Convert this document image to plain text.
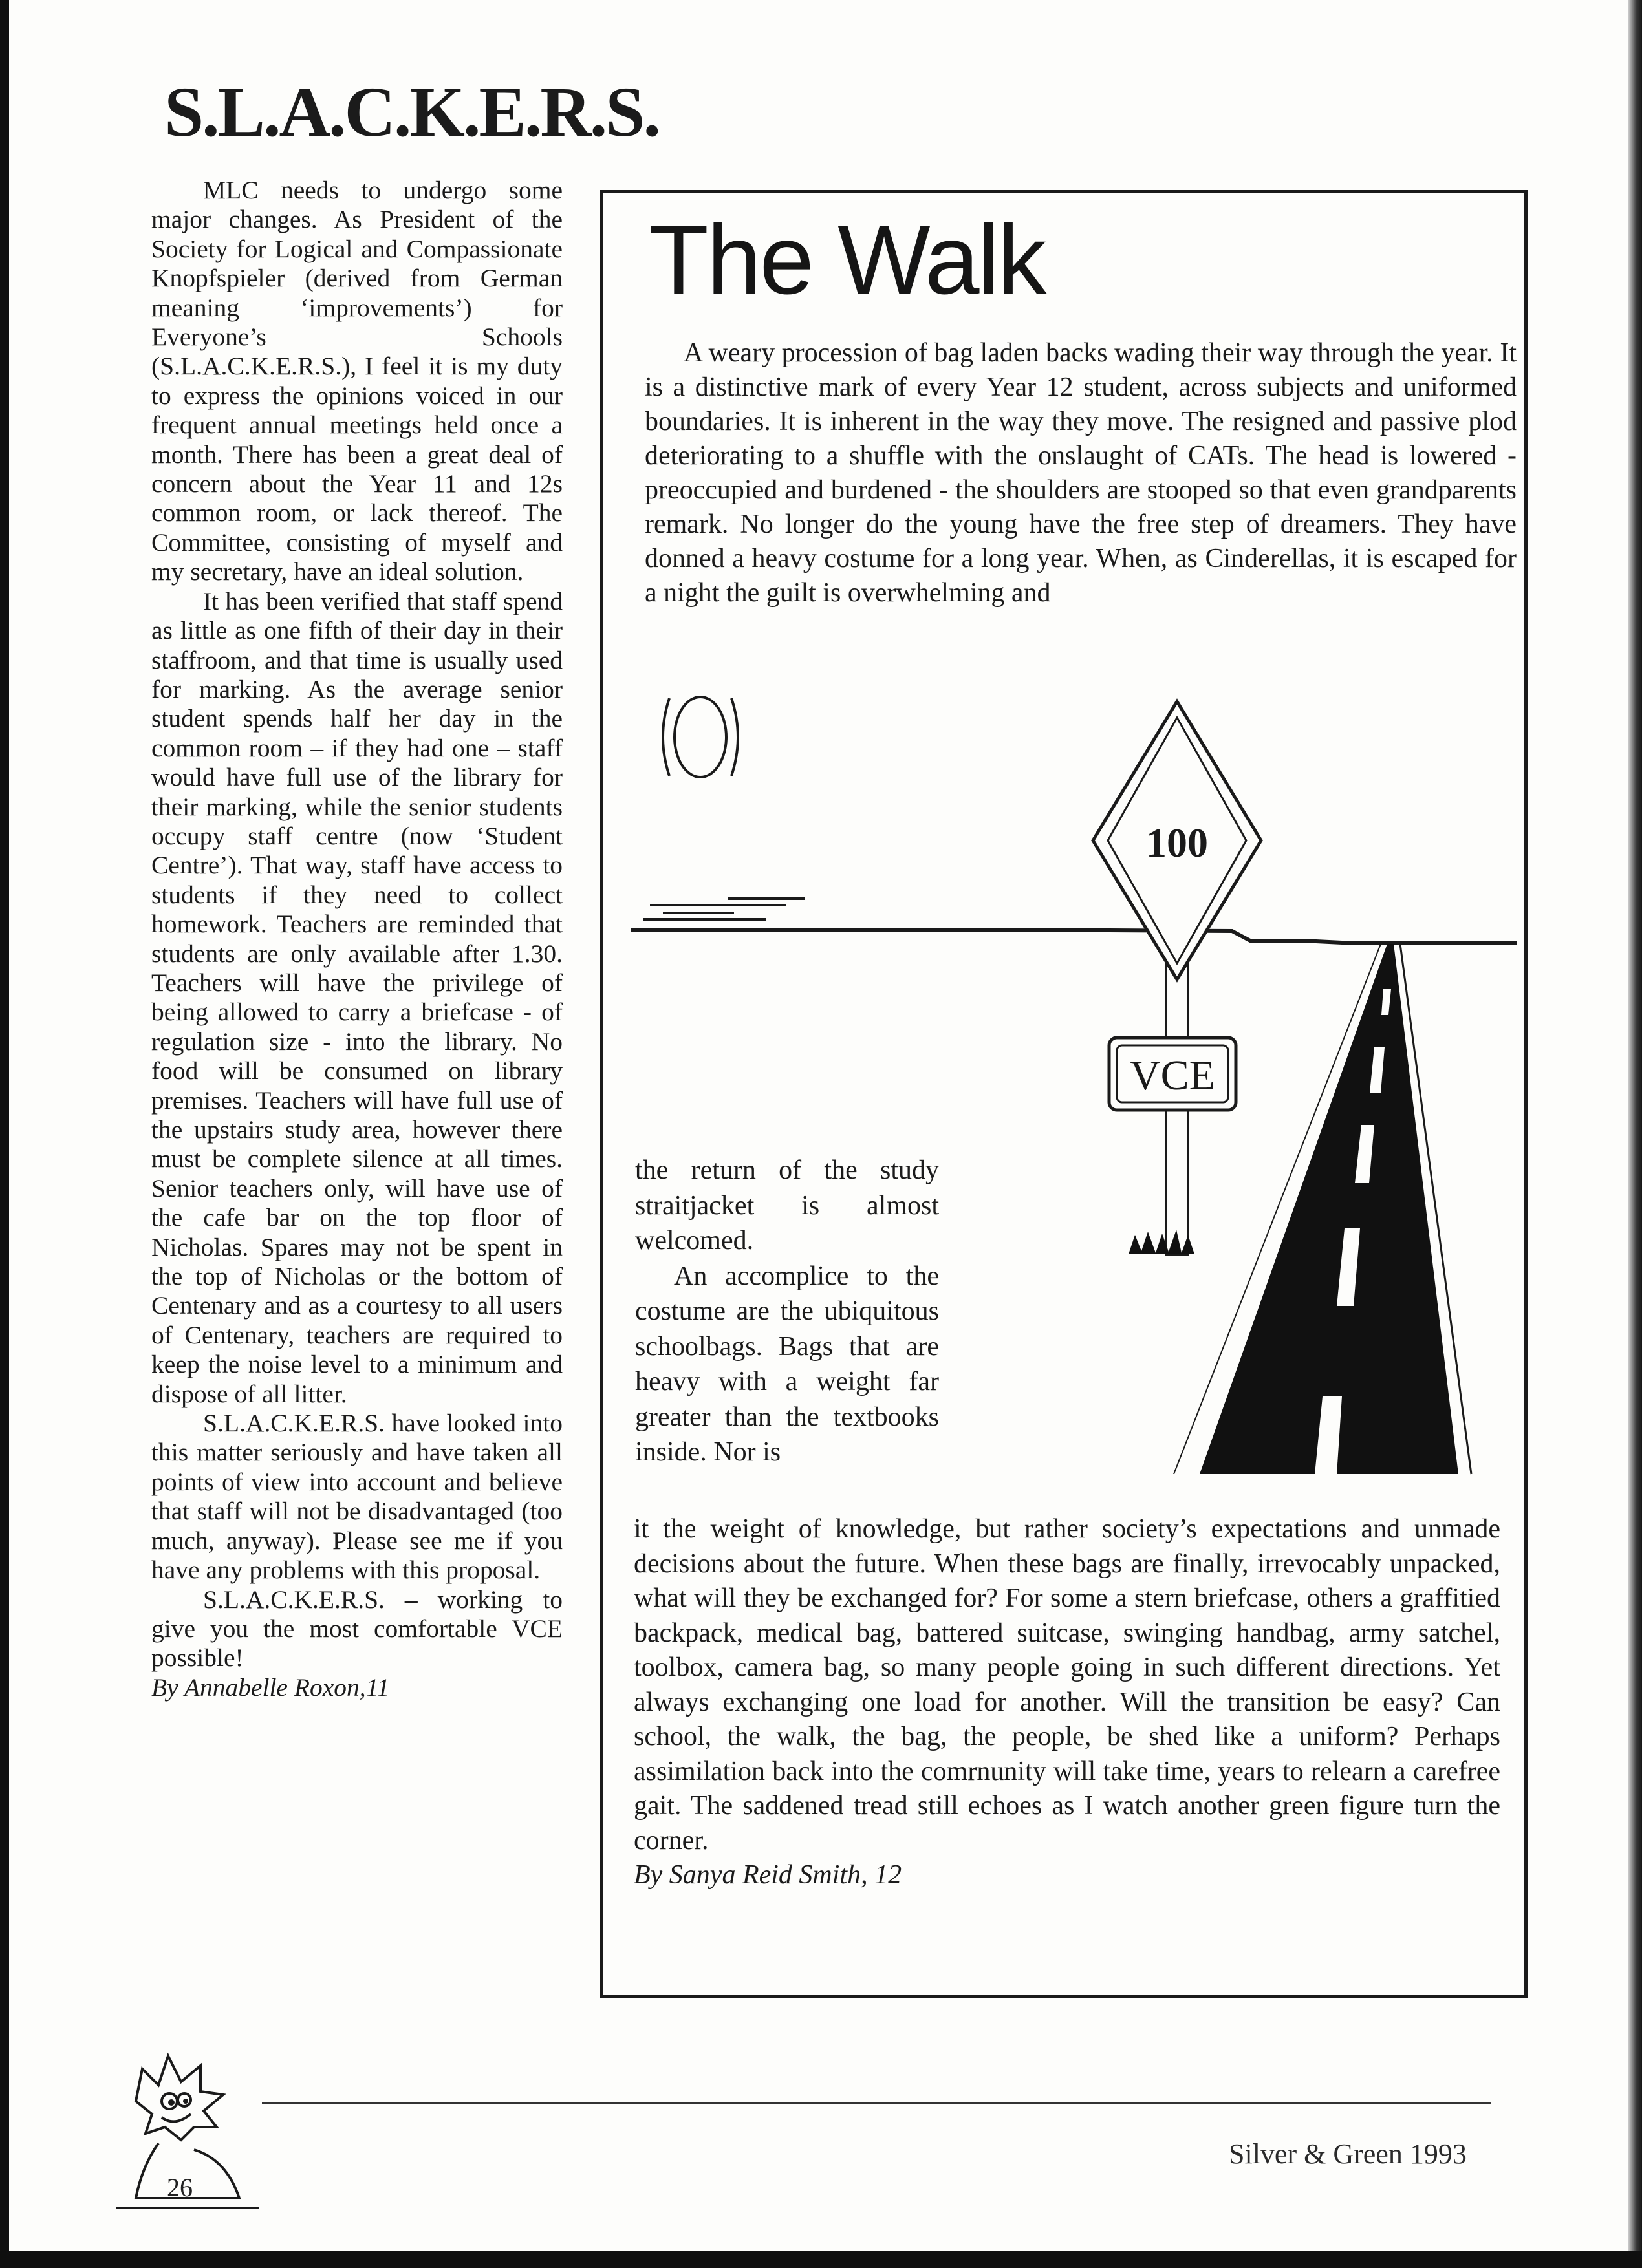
S.L.A.C.K.E.R.S.

MLC needs to undergo some major changes. As President of the Society for Logical and Compassionate Knopfspieler (derived from German meaning ‘improvements’) for Everyone’s Schools (S.L.A.C.K.E.R.S.), I feel it is my duty to express the opinions voiced in our frequent annual meetings held once a month. There has been a great deal of concern about the Year 11 and 12s common room, or lack thereof. The Committee, consisting of myself and my secretary, have an ideal solution.

It has been verified that staff spend as little as one fifth of their day in their staffroom, and that time is usually used for marking. As the average senior student spends half her day in the common room – if they had one – staff would have full use of the library for their marking, while the senior students occupy staff centre (now ‘Student Centre’). That way, staff have access to students if they need to collect homework. Teachers are reminded that students are only available after 1.30. Teachers will have the privilege of being allowed to carry a briefcase - of regulation size - into the library. No food will be consumed on library premises. Teachers will have full use of the upstairs study area, however there must be complete silence at all times. Senior teachers only, will have use of the cafe bar on the top floor of Nicholas. Spares may not be spent in the top of Nicholas or the bottom of Centenary and as a courtesy to all users of Centenary, teachers are required to keep the noise level to a minimum and dispose of all litter.

S.L.A.C.K.E.R.S. have looked into this matter seriously and have taken all points of view into account and believe that staff will not be disadvantaged (too much, anyway). Please see me if you have any problems with this proposal.

S.L.A.C.K.E.R.S. – working to give you the most comfortable VCE possible!

By Annabelle Roxon,11

The Walk

A weary procession of bag laden backs wading their way through the year. It is a distinctive mark of every Year 12 student, across subjects and uniformed boundaries. It is inherent in the way they move. The resigned and passive plod deteriorating to a shuffle with the onslaught of CATs. The head is lowered - preoccupied and burdened - the shoulders are stooped so that even grandparents remark. No longer do the young have the free step of dreamers. They have donned a heavy costume for a long year. When, as Cinderellas, it is escaped for a night the guilt is overwhelming and

100
VCE

the return of the study straitjacket is almost welcomed.

An accomplice to the costume are the ubiquitous schoolbags. Bags that are heavy with a weight far greater than the textbooks inside. Nor is

it the weight of knowledge, but rather society’s expectations and unmade decisions about the future. When these bags are finally, irrevocably unpacked, what will they be exchanged for? For some a stern briefcase, others a graffitied backpack, medical bag, battered suitcase, swinging handbag, army satchel, toolbox, camera bag, so many people going in such different directions. Yet always exchanging one load for another. Will the transition be easy? Can school, the walk, the bag, the people, be shed like a uniform? Perhaps assimilation back into the comrnunity will take time, years to relearn a carefree gait. The saddened tread still echoes as I watch another green figure turn the corner.

By Sanya Reid Smith, 12

26
Silver & Green 1993
